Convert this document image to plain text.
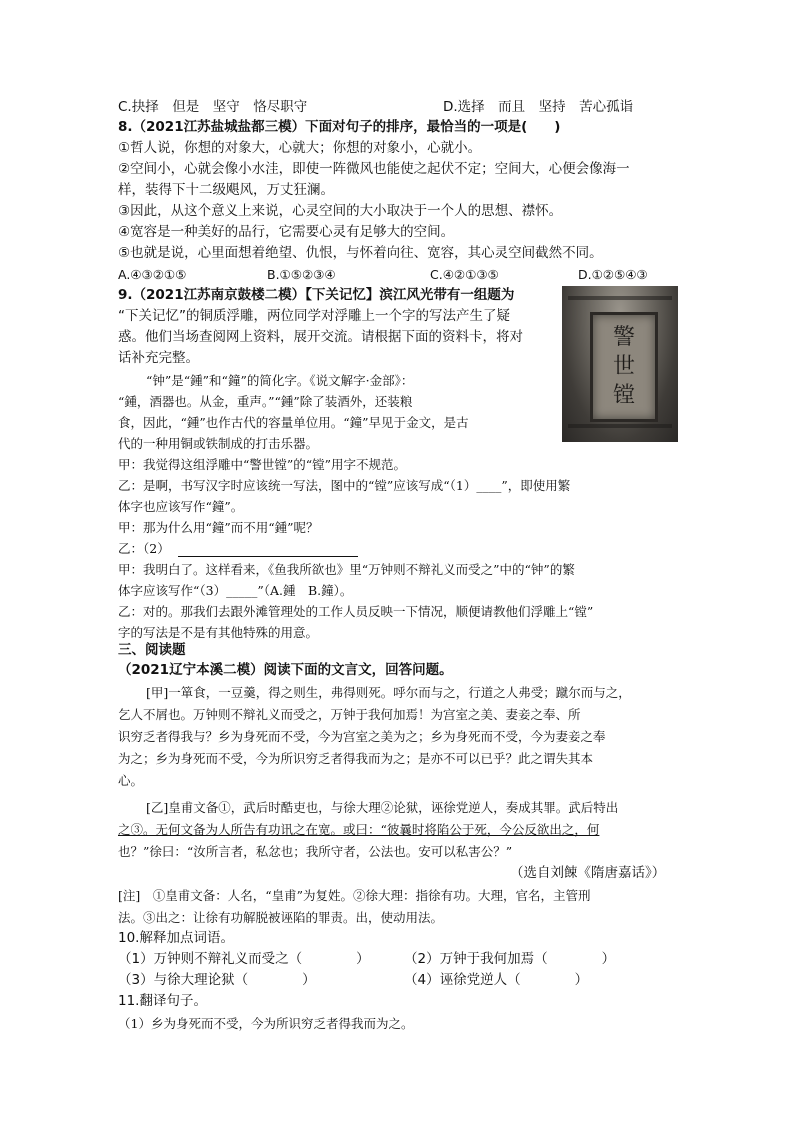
C.抉择　但是　坚守　恪尽职守	D.选择　而且　坚持　苦心孤诣
8.（2021江苏盐城盐都三模）下面对句子的排序，最恰当的一项是(　　)
①哲人说，你想的对象大，心就大；你想的对象小，心就小。
②空间小，心就会像小水洼，即使一阵微风也能使之起伏不定；空间大，心便会像海一
样，装得下十二级飓风，万丈狂澜。
③因此，从这个意义上来说，心灵空间的大小取决于一个人的思想、襟怀。
④宽容是一种美好的品行，它需要心灵有足够大的空间。
⑤也就是说，心里面想着绝望、仇恨，与怀着向往、宽容，其心灵空间截然不同。
A.④③②①⑤	B.①⑤②③④	C.④②①③⑤	D.①②⑤④③
9.（2021江苏南京鼓楼二模）【下关记忆】滨江风光带有一组题为
“下关记忆”的铜质浮雕，两位同学对浮雕上一个字的写法产生了疑
惑。他们当场查阅网上资料，展开交流。请根据下面的资料卡，将对
话补充完整。
警
世
镗
“钟”是“鍾”和“鐘”的简化字。《说文解字·金部》：
“鍾，酒器也。从金，重声。”“鍾”除了装酒外，还装粮
食，因此，“鍾”也作古代的容量单位用。“鐘”早见于金文，是古
代的一种用铜或铁制成的打击乐器。
甲：我觉得这组浮雕中“警世镗”的“镗”用字不规范。
乙：是啊，书写汉字时应该统一写法，图中的“镗”应该写成“（1）____”，即使用繁
体字也应该写作“鐘”。
甲：那为什么用“鐘”而不用“鍾”呢？
乙：（2）
甲：我明白了。这样看来，《鱼我所欲也》里“万钟则不辩礼义而受之”中的“钟”的繁
体字应该写作“（3）_____”（A.鍾　B.鐘）。
乙：对的。那我们去跟外滩管理处的工作人员反映一下情况，顺便请教他们浮雕上“镗”
字的写法是不是有其他特殊的用意。
三、阅读题
（2021辽宁本溪二模）阅读下面的文言文，回答问题。
[甲]一箪食，一豆羹，得之则生，弗得则死。呼尔而与之，行道之人弗受；蹴尔而与之，
乞人不屑也。万钟则不辩礼义而受之，万钟于我何加焉！为宫室之美、妻妾之奉、所
识穷乏者得我与？乡为身死而不受，今为宫室之美为之；乡为身死而不受，今为妻妾之奉
为之；乡为身死而不受，今为所识穷乏者得我而为之；是亦不可以已乎？此之谓失其本
心。
[乙]皇甫文备①，武后时酷吏也，与徐大理②论狱，诬徐党逆人，奏成其罪。武后特出
之③。无何文备为人所告有功讯之在宽。或曰：“彼曩时将陷公于死，今公反欲出之，何
也？”徐曰：“汝所言者，私忿也；我所守者，公法也。安可以私害公？”
（选自刘餗《隋唐嘉话》）
[注]　①皇甫文备：人名，“皇甫”为复姓。②徐大理：指徐有功。大理，官名，主管刑
法。③出之：让徐有功解脱被诬陷的罪责。出，使动用法。
10.解释加点词语。
（1）万钟则不辩礼义而受之（　　　　）	（2）万钟于我何加焉（　　　　）
（3）与徐大理论狱（　　　　）	（4）诬徐党逆人（　　　　）
11.翻译句子。
（1）乡为身死而不受，今为所识穷乏者得我而为之。
